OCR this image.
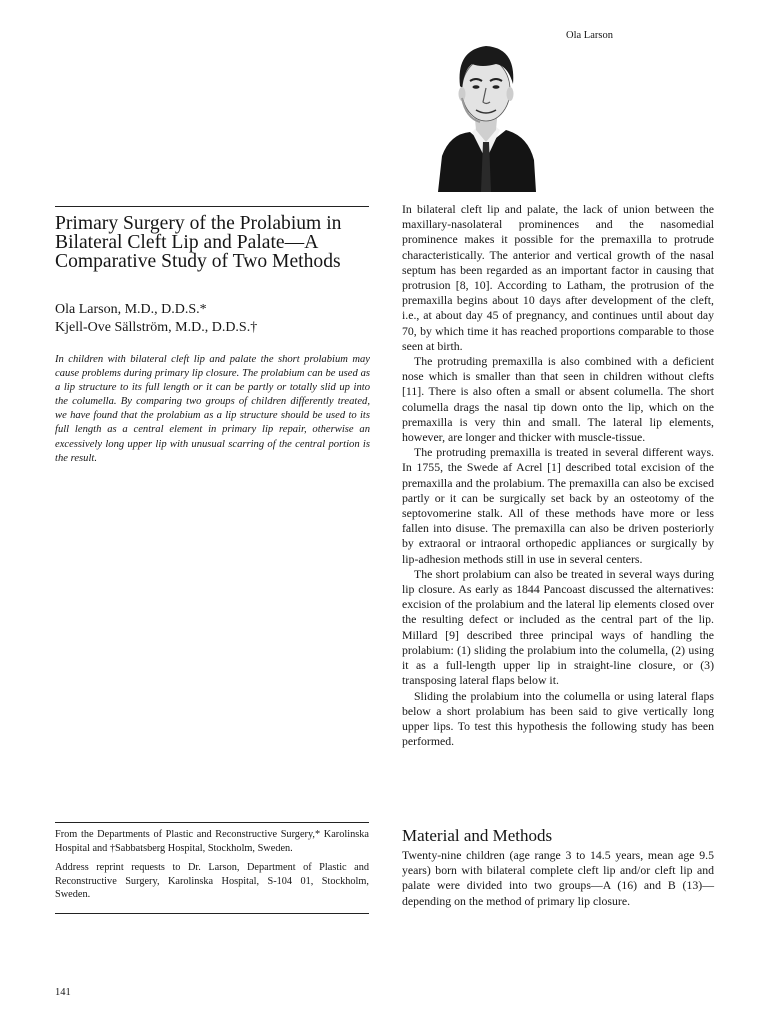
Ola Larson
Primary Surgery of the Prolabium in Bilateral Cleft Lip and Palate—A Comparative Study of Two Methods
Ola Larson, M.D., D.D.S.*
Kjell-Ove Sällström, M.D., D.D.S.†

In children with bilateral cleft lip and palate the short prolabium may cause problems during primary lip closure. The prolabium can be used as a lip structure to its full length or it can be partly or totally slid up into the columella. By comparing two groups of children differently treated, we have found that the prolabium as a lip structure should be used to its full length as a central element in primary lip repair, otherwise an excessively long upper lip with unusual scarring of the central portion is the result.

From the Departments of Plastic and Reconstructive Surgery,* Karolinska Hospital and †Sabbatsberg Hospital, Stockholm, Sweden.

Address reprint requests to Dr. Larson, Department of Plastic and Reconstructive Surgery, Karolinska Hospital, S-104 01, Stockholm, Sweden.

141

In bilateral cleft lip and palate, the lack of union between the maxillary-nasolateral prominences and the nasomedial prominence makes it possible for the premaxilla to protrude characteristically. The anterior and vertical growth of the nasal septum has been regarded as an important factor in causing that protrusion [8, 10]. According to Latham, the protrusion of the premaxilla begins about 10 days after development of the cleft, i.e., at about day 45 of pregnancy, and continues until about day 70, by which time it has reached proportions comparable to those seen at birth.

The protruding premaxilla is also combined with a deficient nose which is smaller than that seen in children without clefts [11]. There is also often a small or absent columella. The short columella drags the nasal tip down onto the lip, which on the premaxilla is very thin and small. The lateral lip elements, however, are longer and thicker with muscle-tissue.

The protruding premaxilla is treated in several different ways. In 1755, the Swede af Acrel [1] described total excision of the premaxilla and the prolabium. The premaxilla can also be excised partly or it can be surgically set back by an osteotomy of the septovomerine stalk. All of these methods have more or less fallen into disuse. The premaxilla can also be driven posteriorly by extraoral or intraoral orthopedic appliances or surgically by lip-adhesion methods still in use in several centers.

The short prolabium can also be treated in several ways during lip closure. As early as 1844 Pancoast discussed the alternatives: excision of the prolabium and the lateral lip elements closed over the resulting defect or included as the central part of the lip. Millard [9] described three principal ways of handling the prolabium: (1) sliding the prolabium into the columella, (2) using it as a full-length upper lip in straight-line closure, or (3) transposing lateral flaps below it.

Sliding the prolabium into the columella or using lateral flaps below a short prolabium has been said to give vertically long upper lips. To test this hypothesis the following study has been performed.

Material and Methods

Twenty-nine children (age range 3 to 14.5 years, mean age 9.5 years) born with bilateral complete cleft lip and/or cleft lip and palate were divided into two groups—A (16) and B (13)—depending on the method of primary lip closure.
